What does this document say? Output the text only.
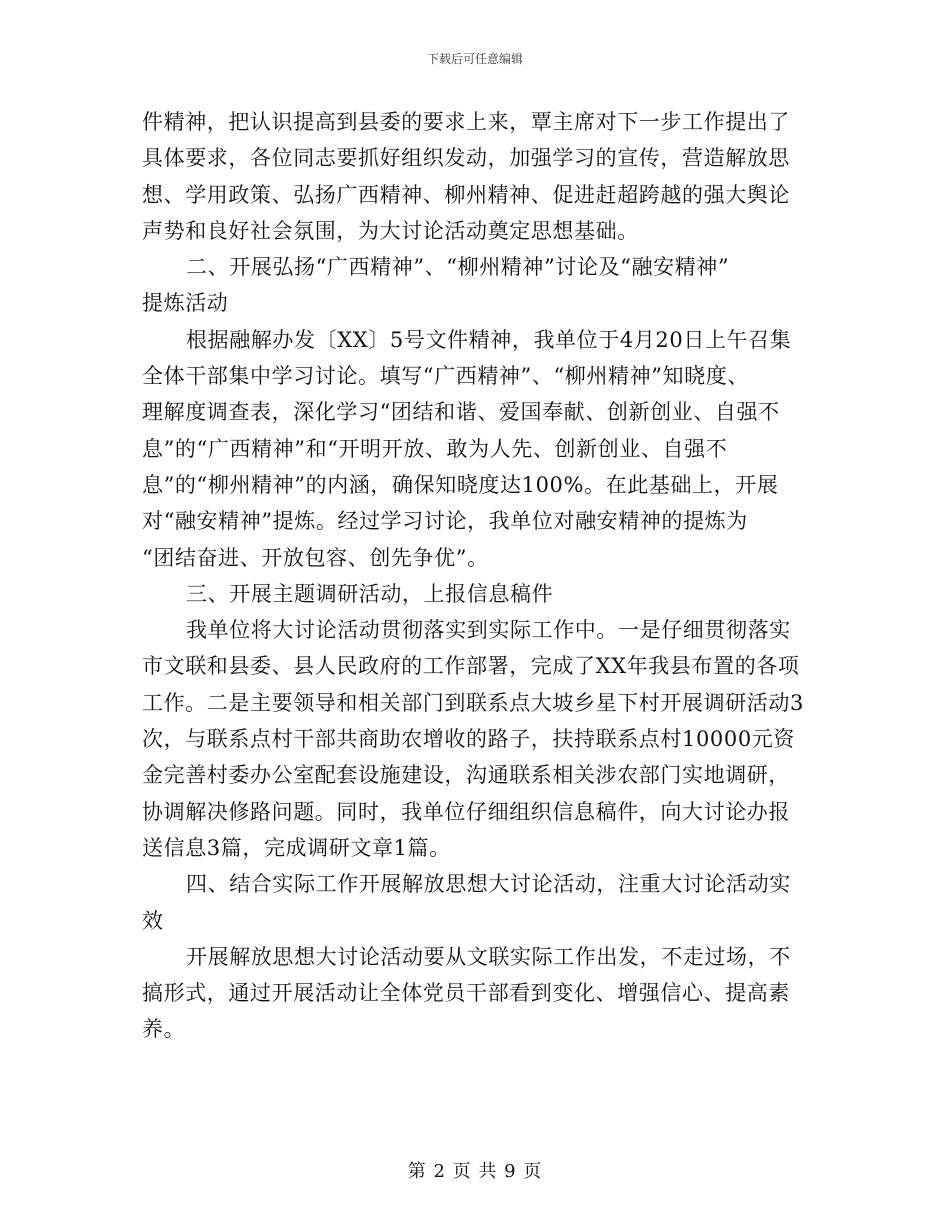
下载后可任意编辑
件精神，把认识提高到县委的要求上来，覃主席对下一步工作提出了
具体要求，各位同志要抓好组织发动，加强学习的宣传，营造解放思
想、学用政策、弘扬广西精神、柳州精神、促进赶超跨越的强大舆论
声势和良好社会氛围，为大讨论活动奠定思想基础。
二、开展弘扬“广西精神”、“柳州精神”讨论及“融安精神”
提炼活动
根据融解办发〔XX〕5号文件精神，我单位于4月20日上午召集
全体干部集中学习讨论。填写“广西精神”、“柳州精神”知晓度、
理解度调查表，深化学习“团结和谐、爱国奉献、创新创业、自强不
息”的“广西精神”和“开明开放、敢为人先、创新创业、自强不
息”的“柳州精神”的内涵，确保知晓度达100%。在此基础上，开展
对“融安精神”提炼。经过学习讨论，我单位对融安精神的提炼为
“团结奋进、开放包容、创先争优”。
三、开展主题调研活动，上报信息稿件
我单位将大讨论活动贯彻落实到实际工作中。一是仔细贯彻落实
市文联和县委、县人民政府的工作部署，完成了XX年我县布置的各项
工作。二是主要领导和相关部门到联系点大坡乡星下村开展调研活动3
次，与联系点村干部共商助农增收的路子，扶持联系点村10000元资
金完善村委办公室配套设施建设，沟通联系相关涉农部门实地调研，
协调解决修路问题。同时，我单位仔细组织信息稿件，向大讨论办报
送信息3篇，完成调研文章1篇。
四、结合实际工作开展解放思想大讨论活动，注重大讨论活动实
效
开展解放思想大讨论活动要从文联实际工作出发，不走过场，不
搞形式，通过开展活动让全体党员干部看到变化、增强信心、提高素
养。
第 2 页 共 9 页
